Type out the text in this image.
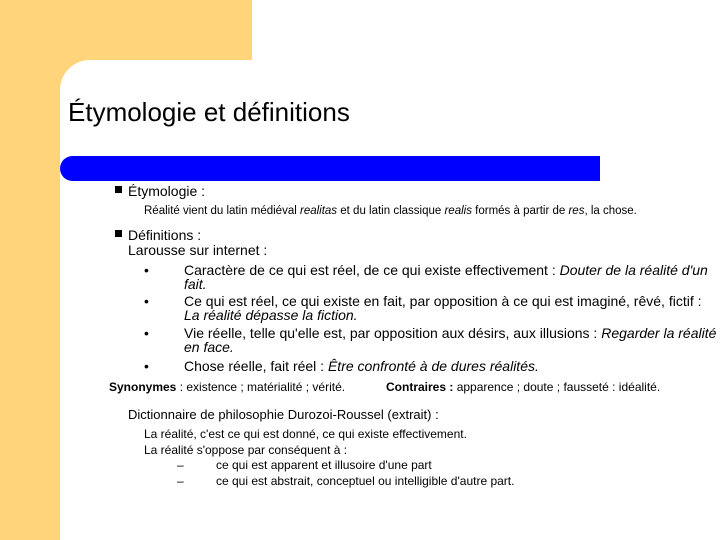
Étymologie et définitions
Étymologie :
Réalité vient du latin médiéval realitas et du latin classique realis formés à partir de res, la chose.
Définitions :
Larousse sur internet :
•	Caractère de ce qui est réel, de ce qui existe effectivement : Douter de la réalité d'un fait.
•	Ce qui est réel, ce qui existe en fait, par opposition à ce qui est imaginé, rêvé, fictif : La réalité dépasse la fiction.
•	Vie réelle, telle qu'elle est, par opposition aux désirs, aux illusions : Regarder la réalité en face.
•	Chose réelle, fait réel : Être confronté à de dures réalités.
Synonymes : existence ; matérialité ; vérité.	Contraires : apparence ; doute ; fausseté : idéalité.
Dictionnaire de philosophie Durozoi-Roussel (extrait) :
La réalité, c'est ce qui est donné, ce qui existe effectivement.
La réalité s'oppose par conséquent à :
–	ce qui est apparent et illusoire d'une part
–	ce qui est abstrait, conceptuel ou intelligible d'autre part.
